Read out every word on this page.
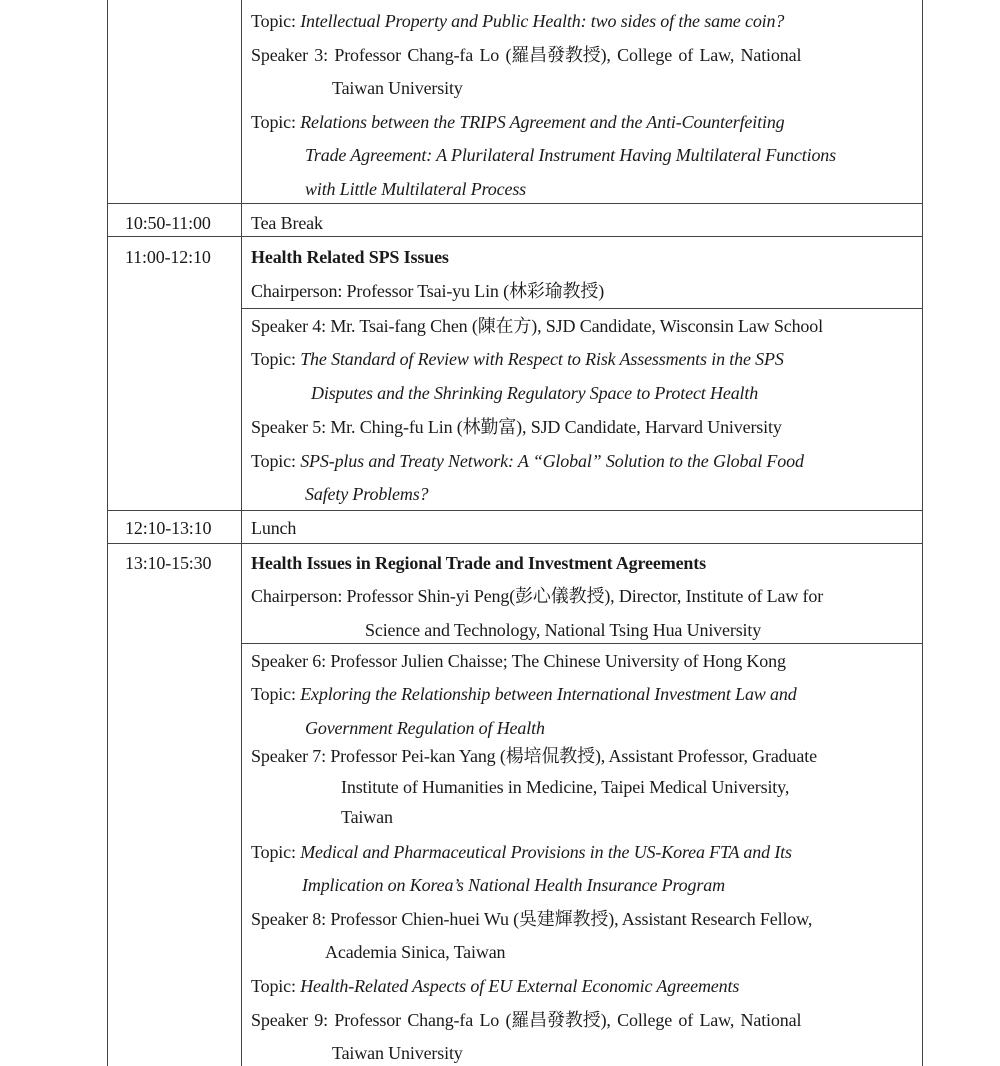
Topic: Intellectual Property and Public Health: two sides of the same coin?
Speaker 3: Professor Chang-fa Lo (羅昌發教授), College of Law, National
Taiwan University
Topic: Relations between the TRIPS Agreement and the Anti-Counterfeiting
Trade Agreement: A Plurilateral Instrument Having Multilateral Functions
with Little Multilateral Process
10:50-11:00 Tea Break
11:00-12:10 Health Related SPS Issues
Chairperson: Professor Tsai-yu Lin (林彩瑜教授)
Speaker 4: Mr. Tsai-fang Chen (陳在方), SJD Candidate, Wisconsin Law School
Topic: The Standard of Review with Respect to Risk Assessments in the SPS
Disputes and the Shrinking Regulatory Space to Protect Health
Speaker 5: Mr. Ching-fu Lin (林勤富), SJD Candidate, Harvard University
Topic: SPS-plus and Treaty Network: A “Global” Solution to the Global Food
Safety Problems?
12:10-13:10 Lunch
13:10-15:30 Health Issues in Regional Trade and Investment Agreements
Chairperson: Professor Shin-yi Peng(彭心儀教授), Director, Institute of Law for
Science and Technology, National Tsing Hua University
Speaker 6: Professor Julien Chaisse; The Chinese University of Hong Kong
Topic: Exploring the Relationship between International Investment Law and
Government Regulation of Health
Speaker 7: Professor Pei-kan Yang (楊培侃教授), Assistant Professor, Graduate
Institute of Humanities in Medicine, Taipei Medical University,
Taiwan
Topic: Medical and Pharmaceutical Provisions in the US-Korea FTA and Its
Implication on Korea’s National Health Insurance Program
Speaker 8: Professor Chien-huei Wu (吳建輝教授), Assistant Research Fellow,
Academia Sinica, Taiwan
Topic: Health-Related Aspects of EU External Economic Agreements
Speaker 9: Professor Chang-fa Lo (羅昌發教授), College of Law, National
Taiwan University
